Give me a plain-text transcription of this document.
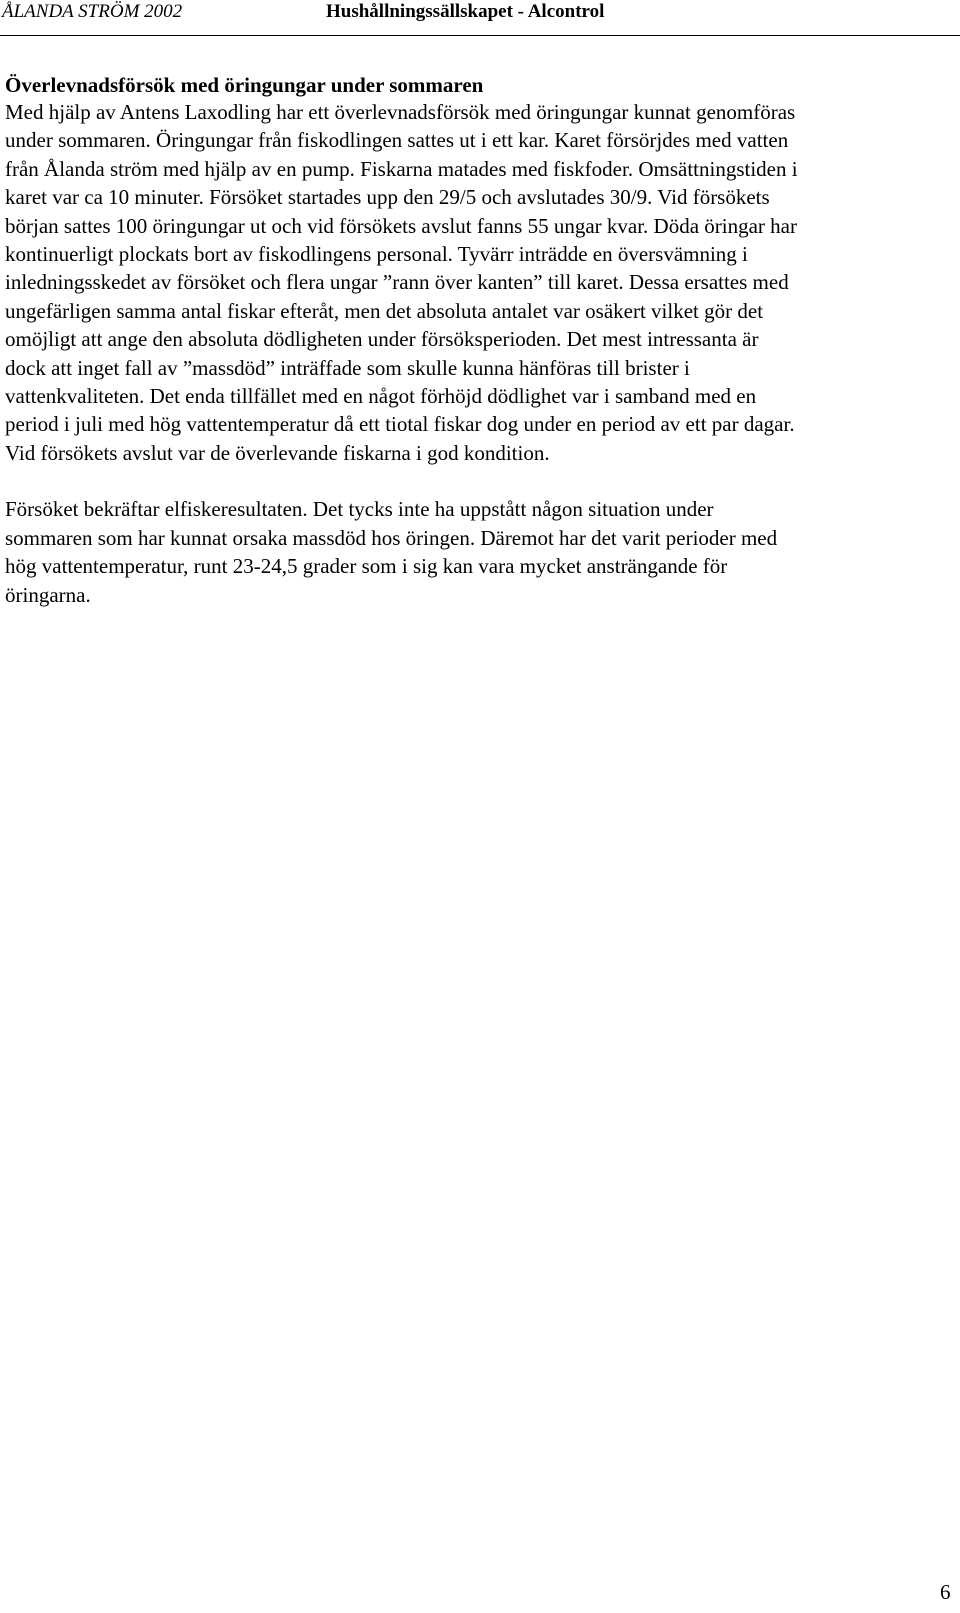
ÅLANDA STRÖM 2002	Hushållningssällskapet - Alcontrol
Överlevnadsförsök med öringungar under sommaren

Med hjälp av Antens Laxodling har ett överlevnadsförsök med öringungar kunnat genomföras
under sommaren. Öringungar från fiskodlingen sattes ut i ett kar. Karet försörjdes med vatten
från Ålanda ström med hjälp av en pump. Fiskarna matades med fiskfoder. Omsättningstiden i
karet var ca 10 minuter. Försöket startades upp den 29/5 och avslutades 30/9. Vid försökets
början sattes 100 öringungar ut och vid försökets avslut fanns 55 ungar kvar. Döda öringar har
kontinuerligt plockats bort av fiskodlingens personal. Tyvärr inträdde en översvämning i
inledningsskedet av försöket och flera ungar ”rann över kanten” till karet. Dessa ersattes med
ungefärligen samma antal fiskar efteråt, men det absoluta antalet var osäkert vilket gör det
omöjligt att ange den absoluta dödligheten under försöksperioden. Det mest intressanta är
dock att inget fall av ”massdöd” inträffade som skulle kunna hänföras till brister i
vattenkvaliteten. Det enda tillfället med en något förhöjd dödlighet var i samband med en
period i juli med hög vattentemperatur då ett tiotal fiskar dog under en period av ett par dagar.
Vid försökets avslut var de överlevande fiskarna i god kondition.

Försöket bekräftar elfiskeresultaten. Det tycks inte ha uppstått någon situation under
sommaren som har kunnat orsaka massdöd hos öringen. Däremot har det varit perioder med
hög vattentemperatur, runt 23-24,5 grader som i sig kan vara mycket ansträngande för
öringarna.

6
